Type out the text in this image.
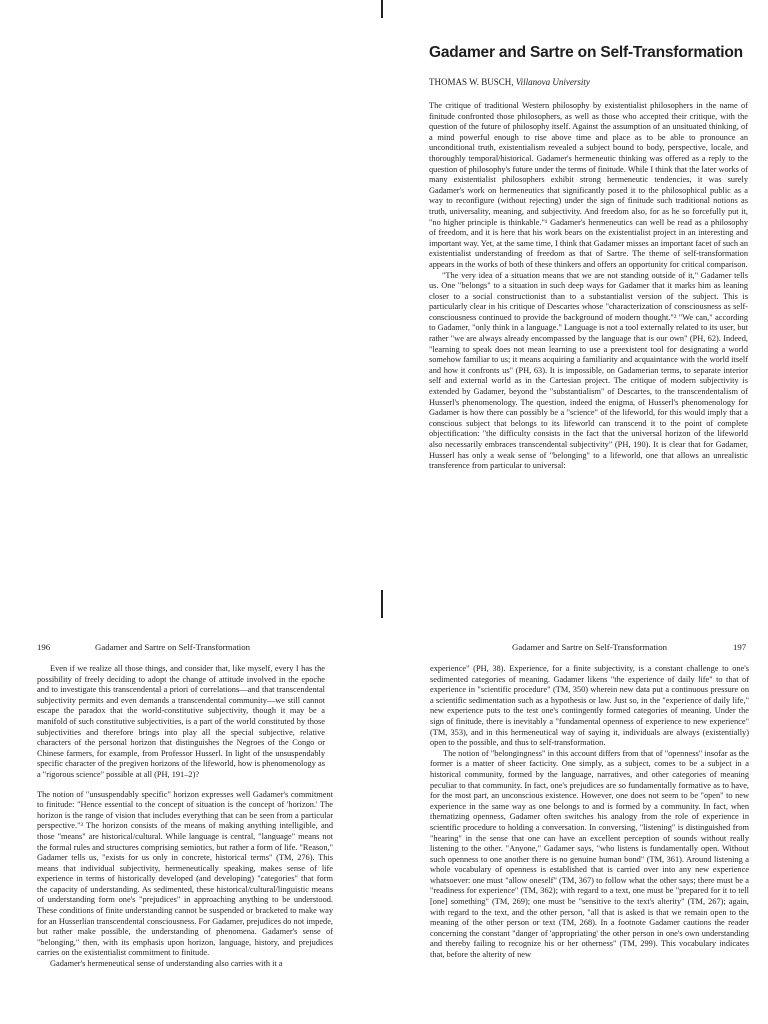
Gadamer and Sartre on Self-Transformation

THOMAS W. BUSCH, Villanova University

The critique of traditional Western philosophy by existentialist philosophers in the name of finitude confronted those philosophers, as well as those who accepted their critique, with the question of the future of philosophy itself. Against the assumption of an unsituated thinking, of a mind powerful enough to rise above time and place as to be able to pronounce an unconditional truth, existentialism revealed a subject bound to body, perspective, locale, and thoroughly temporal/historical. Gadamer's hermeneutic thinking was offered as a reply to the question of philosophy's future under the terms of finitude. While I think that the later works of many existentialist philosophers exhibit strong hermeneutic tendencies, it was surely Gadamer's work on hermeneutics that significantly posed it to the philosophical public as a way to reconfigure (without rejecting) under the sign of finitude such traditional notions as truth, universality, meaning, and subjectivity. And freedom also, for as he so forcefully put it, "no higher principle is thinkable."¹ Gadamer's hermeneutics can well be read as a philosophy of freedom, and it is here that his work bears on the existentialist project in an interesting and important way. Yet, at the same time, I think that Gadamer misses an important facet of such an existentialist understanding of freedom as that of Sartre. The theme of self-transformation appears in the works of both of these thinkers and offers an opportunity for critical comparison.

"The very idea of a situation means that we are not standing outside of it," Gadamer tells us. One "belongs" to a situation in such deep ways for Gadamer that it marks him as leaning closer to a social constructionist than to a substantialist version of the subject. This is particularly clear in his critique of Descartes whose "characterization of consciousness as self-consciousness continued to provide the background of modern thought."² "We can," according to Gadamer, "only think in a language." Language is not a tool externally related to its user, but rather "we are always already encompassed by the language that is our own" (PH, 62). Indeed, "learning to speak does not mean learning to use a preexistent tool for designating a world somehow familiar to us; it means acquiring a familiarity and acquaintance with the world itself and how it confronts us" (PH, 63). It is impossible, on Gadamerian terms, to separate interior self and external world as in the Cartesian project. The critique of modern subjectivity is extended by Gadamer, beyond the "substantialism" of Descartes, to the transcendentalism of Husserl's phenomenology. The question, indeed the enigma, of Husserl's phenomenology for Gadamer is how there can possibly be a "science" of the lifeworld, for this would imply that a conscious subject that belongs to its lifeworld can transcend it to the point of complete objectification: "the difficulty consists in the fact that the universal horizon of the lifeworld also necessarily embraces transcendental subjectivity" (PH, 190). It is clear that for Gadamer, Husserl has only a weak sense of "belonging" to a lifeworld, one that allows an unrealistic transference from particular to universal:

196	Gadamer and Sartre on Self-Transformation	Gadamer and Sartre on Self-Transformation	197

Even if we realize all those things, and consider that, like myself, every I has the possibility of freely deciding to adopt the change of attitude involved in the epoche and to investigate this transcendental a priori of correlations—and that transcendental subjectivity permits and even demands a transcendental community—we still cannot escape the paradox that the world-constitutive subjectivity, though it may be a manifold of such constitutive subjectivities, is a part of the world constituted by those subjectivities and therefore brings into play all the special subjective, relative characters of the personal horizon that distinguishes the Negroes of the Congo or Chinese farmers, for example, from Professor Husserl. In light of the unsuspendably specific character of the pregiven horizons of the lifeworld, how is phenomenology as a "rigorous science" possible at all (PH, 191–2)?

The notion of "unsuspendably specific" horizon expresses well Gadamer's commitment to finitude: "Hence essential to the concept of situation is the concept of 'horizon.' The horizon is the range of vision that includes everything that can be seen from a particular perspective."³ The horizon consists of the means of making anything intelligible, and those "means" are historical/cultural. While language is central, "language" means not the formal rules and structures comprising semiotics, but rather a form of life. "Reason," Gadamer tells us, "exists for us only in concrete, historical terms" (TM, 276). This means that individual subjectivity, hermeneutically speaking, makes sense of life experience in terms of historically developed (and developing) "categories" that form the capacity of understanding. As sedimented, these historical/cultural/linguistic means of understanding form one's "prejudices" in approaching anything to be understood. These conditions of finite understanding cannot be suspended or bracketed to make way for an Husserlian transcendental consciousness. For Gadamer, prejudices do not impede, but rather make possible, the understanding of phenomena. Gadamer's sense of "belonging," then, with its emphasis upon horizon, language, history, and prejudices carries on the existentialist commitment to finitude.

Gadamer's hermeneutical sense of understanding also carries with it a

experience" (PH, 38). Experience, for a finite subjectivity, is a constant challenge to one's sedimented categories of meaning. Gadamer likens "the experience of daily life" to that of experience in "scientific procedure" (TM, 350) wherein new data put a continuous pressure on a scientific sedimentation such as a hypothesis or law. Just so, in the "experience of daily life," new experience puts to the test one's contingently formed categories of meaning. Under the sign of finitude, there is inevitably a "fundamental openness of experience to new experience" (TM, 353), and in this hermeneutical way of saying it, individuals are always (existentially) open to the possible, and thus to self-transformation.

The notion of "belongingness" in this account differs from that of "openness" insofar as the former is a matter of sheer facticity. One simply, as a subject, comes to be a subject in a historical community, formed by the language, narratives, and other categories of meaning peculiar to that community. In fact, one's prejudices are so fundamentally formative as to have, for the most part, an unconscious existence. However, one does not seem to be "open" to new experience in the same way as one belongs to and is formed by a community. In fact, when thematizing openness, Gadamer often switches his analogy from the role of experience in scientific procedure to holding a conversation. In conversing, "listening" is distinguished from "hearing" in the sense that one can have an excellent perception of sounds without really listening to the other. "Anyone," Gadamer says, "who listens is fundamentally open. Without such openness to one another there is no genuine human bond" (TM, 361). Around listening a whole vocabulary of openness is established that is carried over into any new experience whatsoever: one must "allow oneself" (TM, 367) to follow what the other says; there must be a "readiness for experience" (TM, 362); with regard to a text, one must be "prepared for it to tell [one] something" (TM, 269); one must be "sensitive to the text's alterity" (TM, 267); again, with regard to the text, and the other person, "all that is asked is that we remain open to the meaning of the other person or text (TM, 268). In a footnote Gadamer cautions the reader concerning the constant "danger of 'appropriating' the other person in one's own understanding and thereby failing to recognize his or her otherness" (TM, 299). This vocabulary indicates that, before the alterity of new
